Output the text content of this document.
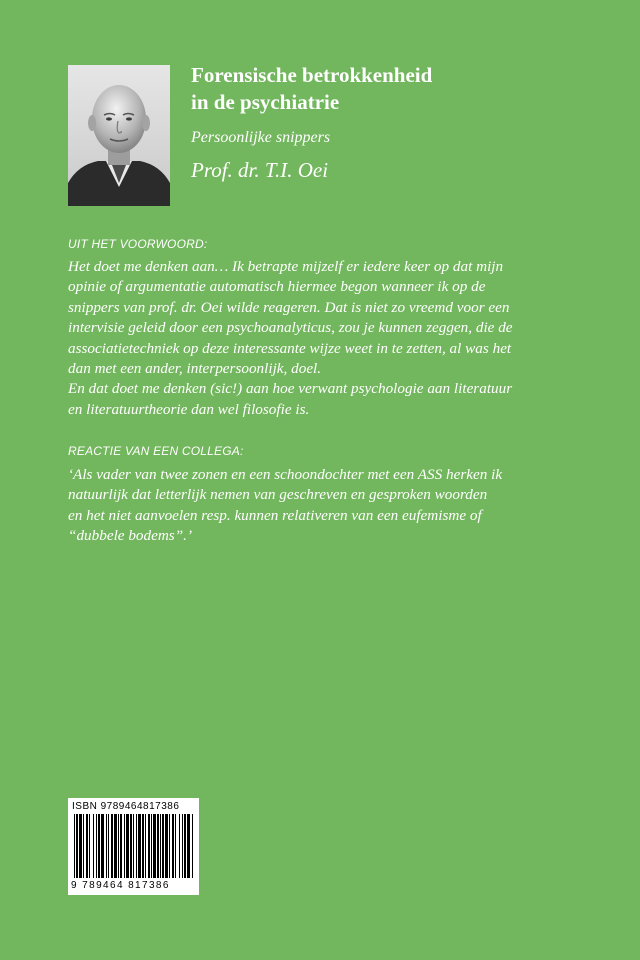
Forensische betrokkenheid
in de psychiatrie
Persoonlijke snippers
Prof. dr. T.I. Oei
UIT HET VOORWOORD:
Het doet me denken aan… Ik betrapte mijzelf er iedere keer op dat mijn
opinie of argumentatie automatisch hiermee begon wanneer ik op de
snippers van prof. dr. Oei wilde reageren. Dat is niet zo vreemd voor een
intervisie geleid door een psychoanalyticus, zou je kunnen zeggen, die de
associatietechniek op deze interessante wijze weet in te zetten, al was het
dan met een ander, interpersoonlijk, doel.
En dat doet me denken (sic!) aan hoe verwant psychologie aan literatuur
en literatuurtheorie dan wel filosofie is.
REACTIE VAN EEN COLLEGA:
‘Als vader van twee zonen en een schoondochter met een ASS herken ik
natuurlijk dat letterlijk nemen van geschreven en gesproken woorden
en het niet aanvoelen resp. kunnen relativeren van een eufemisme of
“dubbele bodems”.’
ISBN 9789464817386
9 789464 817386
